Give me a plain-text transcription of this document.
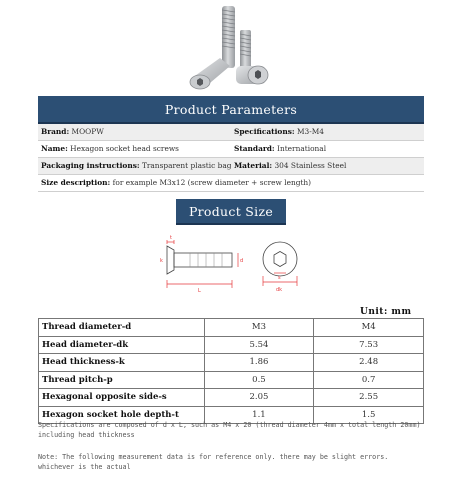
Product Parameters
Brand: MOOPW	Specifications: M3-M4
Name: Hexagon socket head screws	Standard: International
Packaging instructions: Transparent plastic bag Material: 304 Stainless Steel
Size description: for example M3x12 (screw diameter + screw length)
Product Size
t
k	d
L
s
dk
Unit: mm
Thread diameter-d	M3	M4
Head diameter-dk	5.54	7.53
Head thickness-k	1.86	2.48
Thread pitch-p	0.5	0.7
Hexagonal opposite side-s	2.05	2.55
Hexagon socket hole depth-t	1.1	1.5
Specifications are composed of d x L, such as M4 x 20 (thread diameter 4mm x total length 20mm) including head thickness
Note: The following measurement data is for reference only. there may be slight errors. whichever is the actual
